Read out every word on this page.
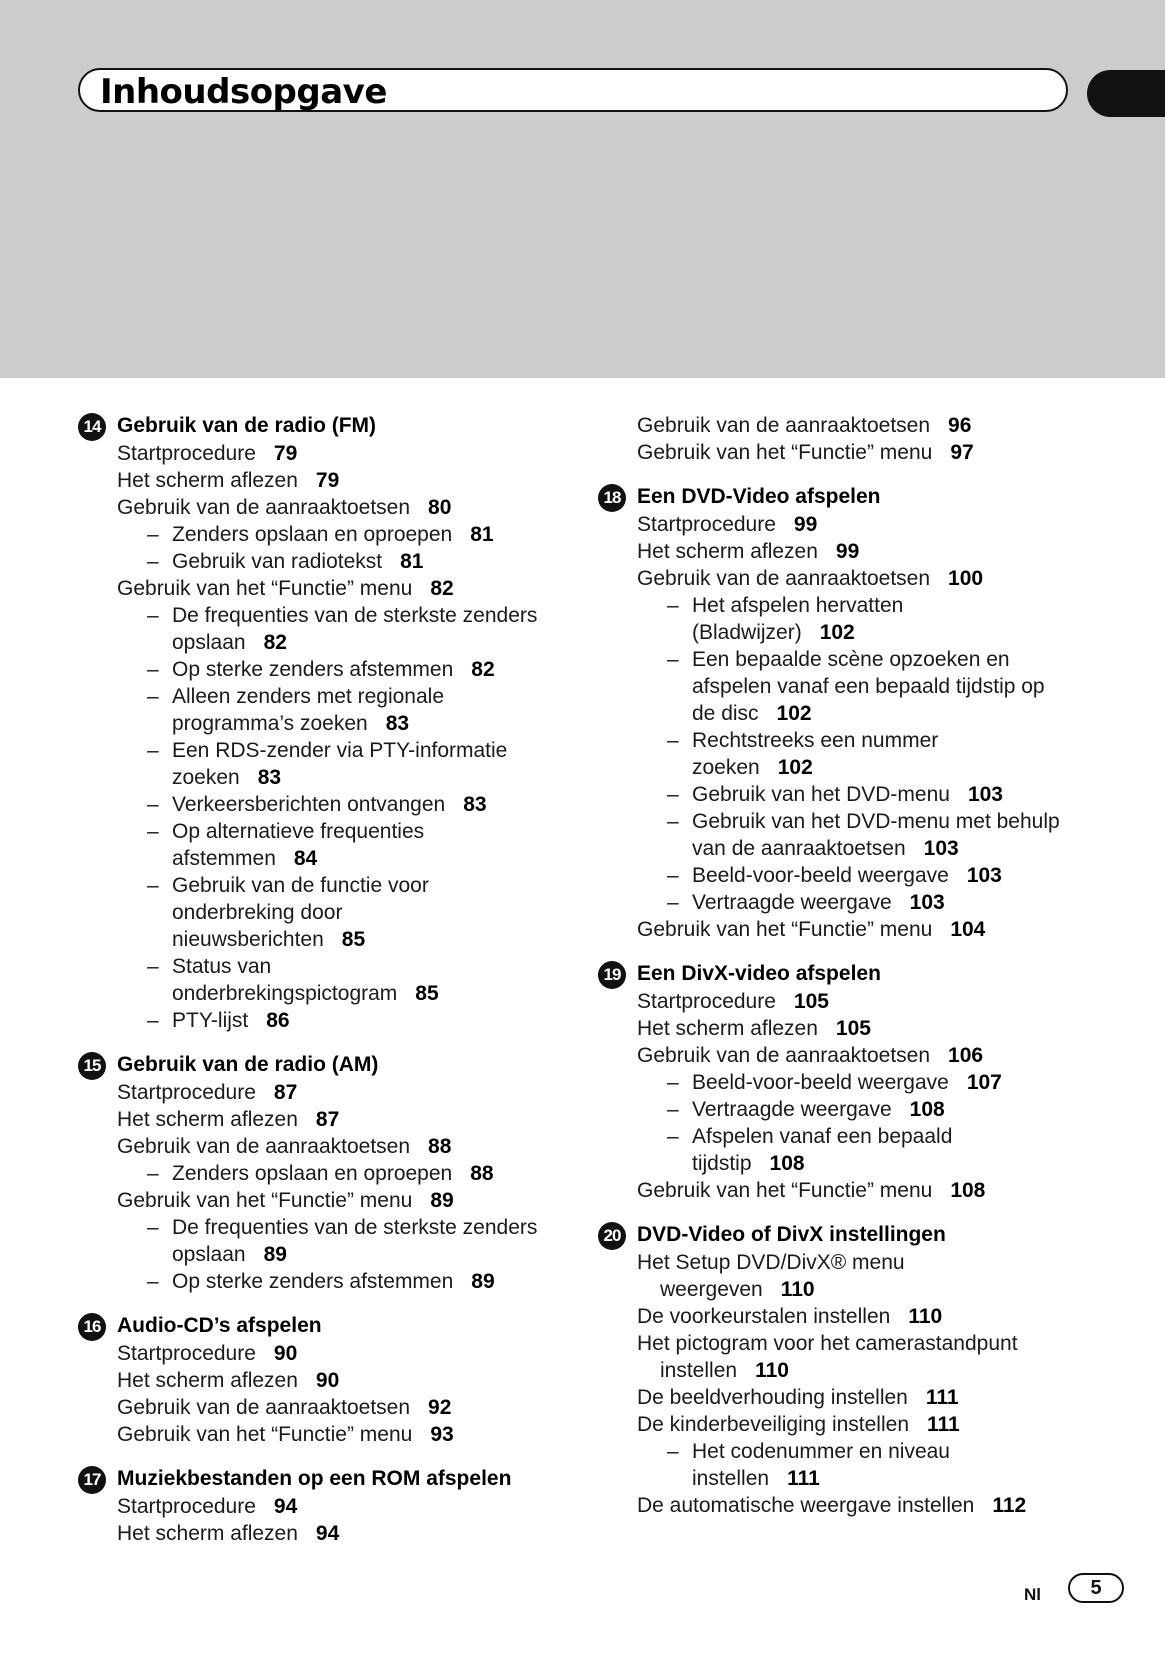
Inhoudsopgave
14 Gebruik van de radio (FM)
Startprocedure 79
Het scherm aflezen 79
Gebruik van de aanraaktoetsen 80
– Zenders opslaan en oproepen 81
– Gebruik van radiotekst 81
Gebruik van het “Functie” menu 82
– De frequenties van de sterkste zenders
opslaan 82
– Op sterke zenders afstemmen 82
– Alleen zenders met regionale
programma’s zoeken 83
– Een RDS-zender via PTY-informatie
zoeken 83
– Verkeersberichten ontvangen 83
– Op alternatieve frequenties
afstemmen 84
– Gebruik van de functie voor
onderbreking door
nieuwsberichten 85
– Status van
onderbrekingspictogram 85
– PTY-lijst 86
15 Gebruik van de radio (AM)
Startprocedure 87
Het scherm aflezen 87
Gebruik van de aanraaktoetsen 88
– Zenders opslaan en oproepen 88
Gebruik van het “Functie” menu 89
– De frequenties van de sterkste zenders
opslaan 89
– Op sterke zenders afstemmen 89
16 Audio-CD’s afspelen
Startprocedure 90
Het scherm aflezen 90
Gebruik van de aanraaktoetsen 92
Gebruik van het “Functie” menu 93
17 Muziekbestanden op een ROM afspelen
Startprocedure 94
Het scherm aflezen 94
Gebruik van de aanraaktoetsen 96
Gebruik van het “Functie” menu 97
18 Een DVD-Video afspelen
Startprocedure 99
Het scherm aflezen 99
Gebruik van de aanraaktoetsen 100
– Het afspelen hervatten
(Bladwijzer) 102
– Een bepaalde scène opzoeken en
afspelen vanaf een bepaald tijdstip op
de disc 102
– Rechtstreeks een nummer
zoeken 102
– Gebruik van het DVD-menu 103
– Gebruik van het DVD-menu met behulp
van de aanraaktoetsen 103
– Beeld-voor-beeld weergave 103
– Vertraagde weergave 103
Gebruik van het “Functie” menu 104
19 Een DivX-video afspelen
Startprocedure 105
Het scherm aflezen 105
Gebruik van de aanraaktoetsen 106
– Beeld-voor-beeld weergave 107
– Vertraagde weergave 108
– Afspelen vanaf een bepaald
tijdstip 108
Gebruik van het “Functie” menu 108
20 DVD-Video of DivX instellingen
Het Setup DVD/DivX® menu
weergeven 110
De voorkeurstalen instellen 110
Het pictogram voor het camerastandpunt
instellen 110
De beeldverhouding instellen 111
De kinderbeveiliging instellen 111
– Het codenummer en niveau
instellen 111
De automatische weergave instellen 112
Nl	5
